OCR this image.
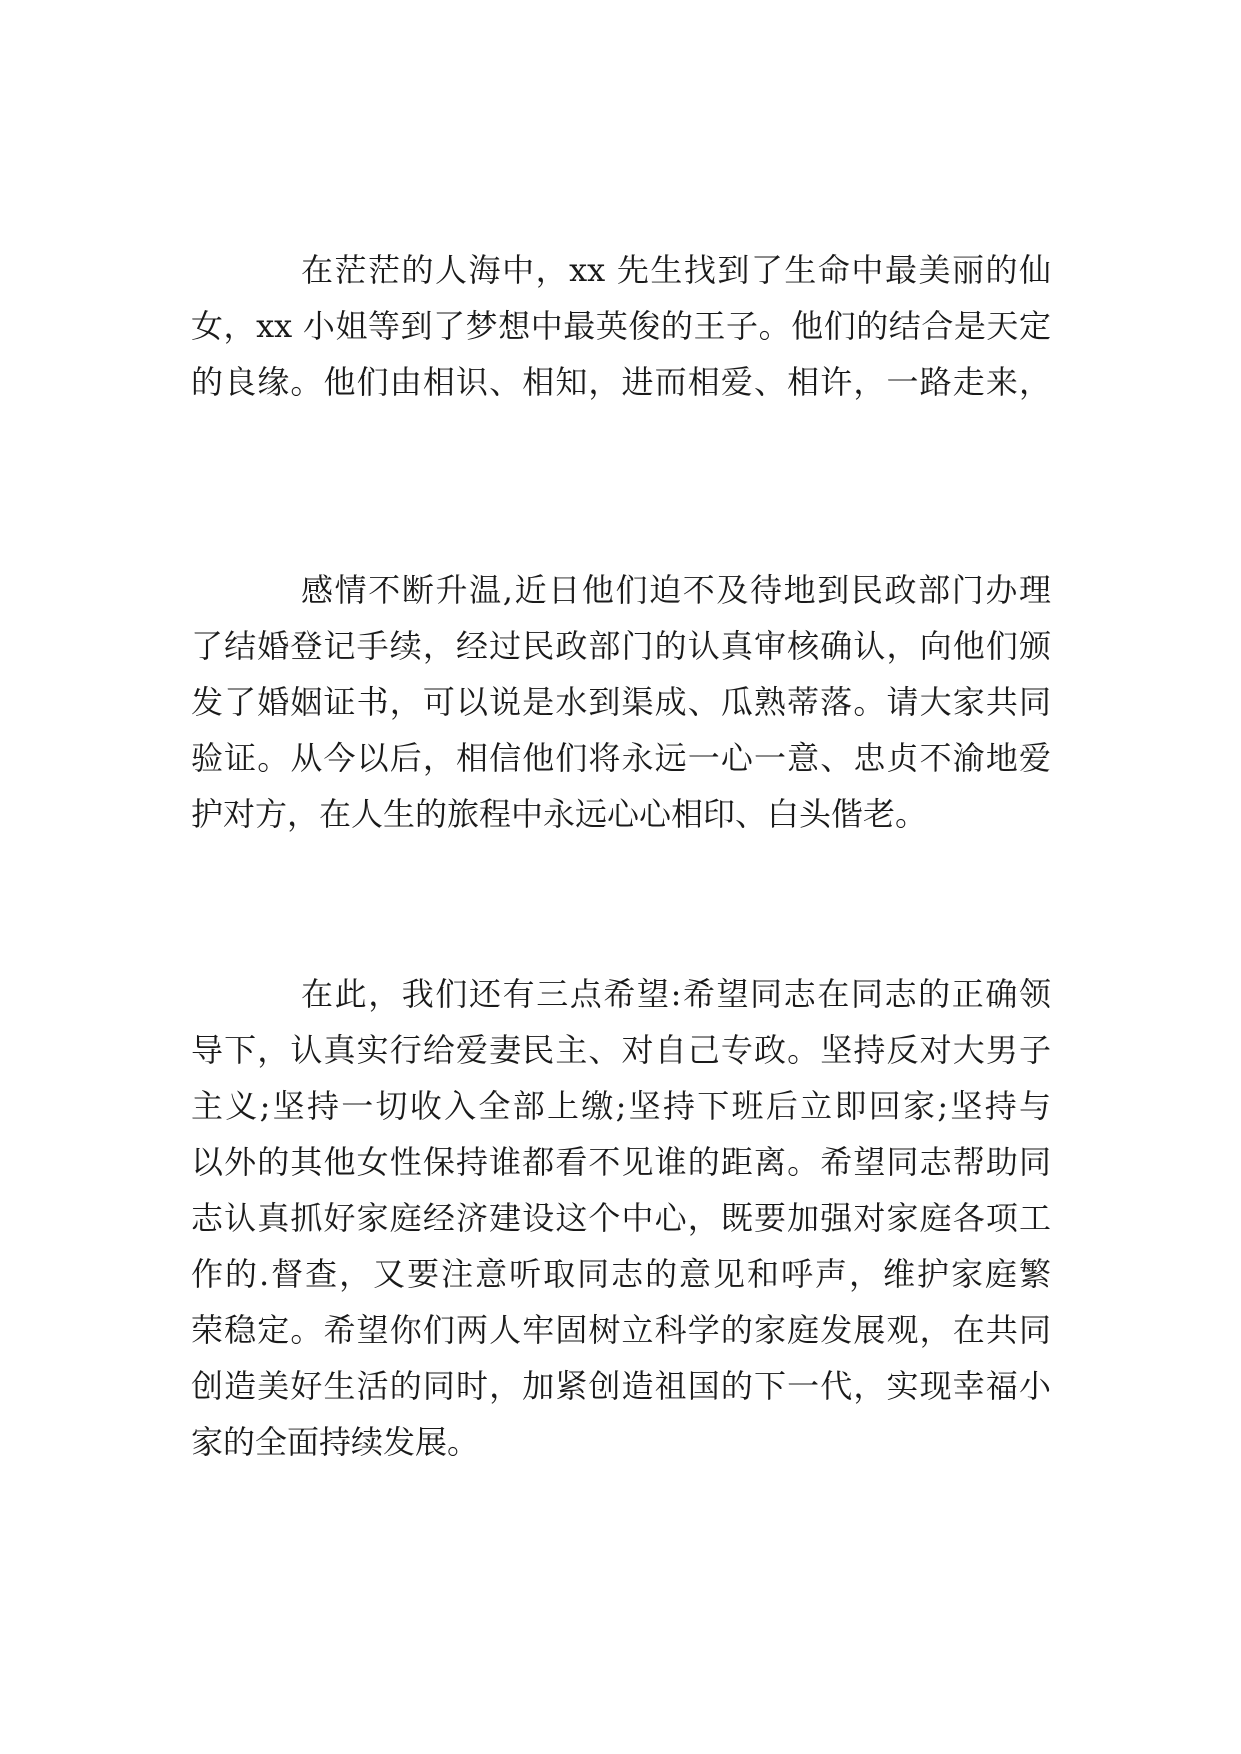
在茫茫的人海中，xx 先生找到了生命中最美丽的仙
女，xx 小姐等到了梦想中最英俊的王子。他们的结合是天定
的良缘。他们由相识、相知，进而相爱、相许，一路走来，
感情不断升温,近日他们迫不及待地到民政部门办理
了结婚登记手续，经过民政部门的认真审核确认，向他们颁
发了婚姻证书，可以说是水到渠成、瓜熟蒂落。请大家共同
验证。从今以后，相信他们将永远一心一意、忠贞不渝地爱
护对方，在人生的旅程中永远心心相印、白头偕老。
在此，我们还有三点希望:希望同志在同志的正确领
导下，认真实行给爱妻民主、对自己专政。坚持反对大男子
主义;坚持一切收入全部上缴;坚持下班后立即回家;坚持与
以外的其他女性保持谁都看不见谁的距离。希望同志帮助同
志认真抓好家庭经济建设这个中心，既要加强对家庭各项工
作的.督查，又要注意听取同志的意见和呼声，维护家庭繁
荣稳定。希望你们两人牢固树立科学的家庭发展观，在共同
创造美好生活的同时，加紧创造祖国的下一代，实现幸福小
家的全面持续发展。
